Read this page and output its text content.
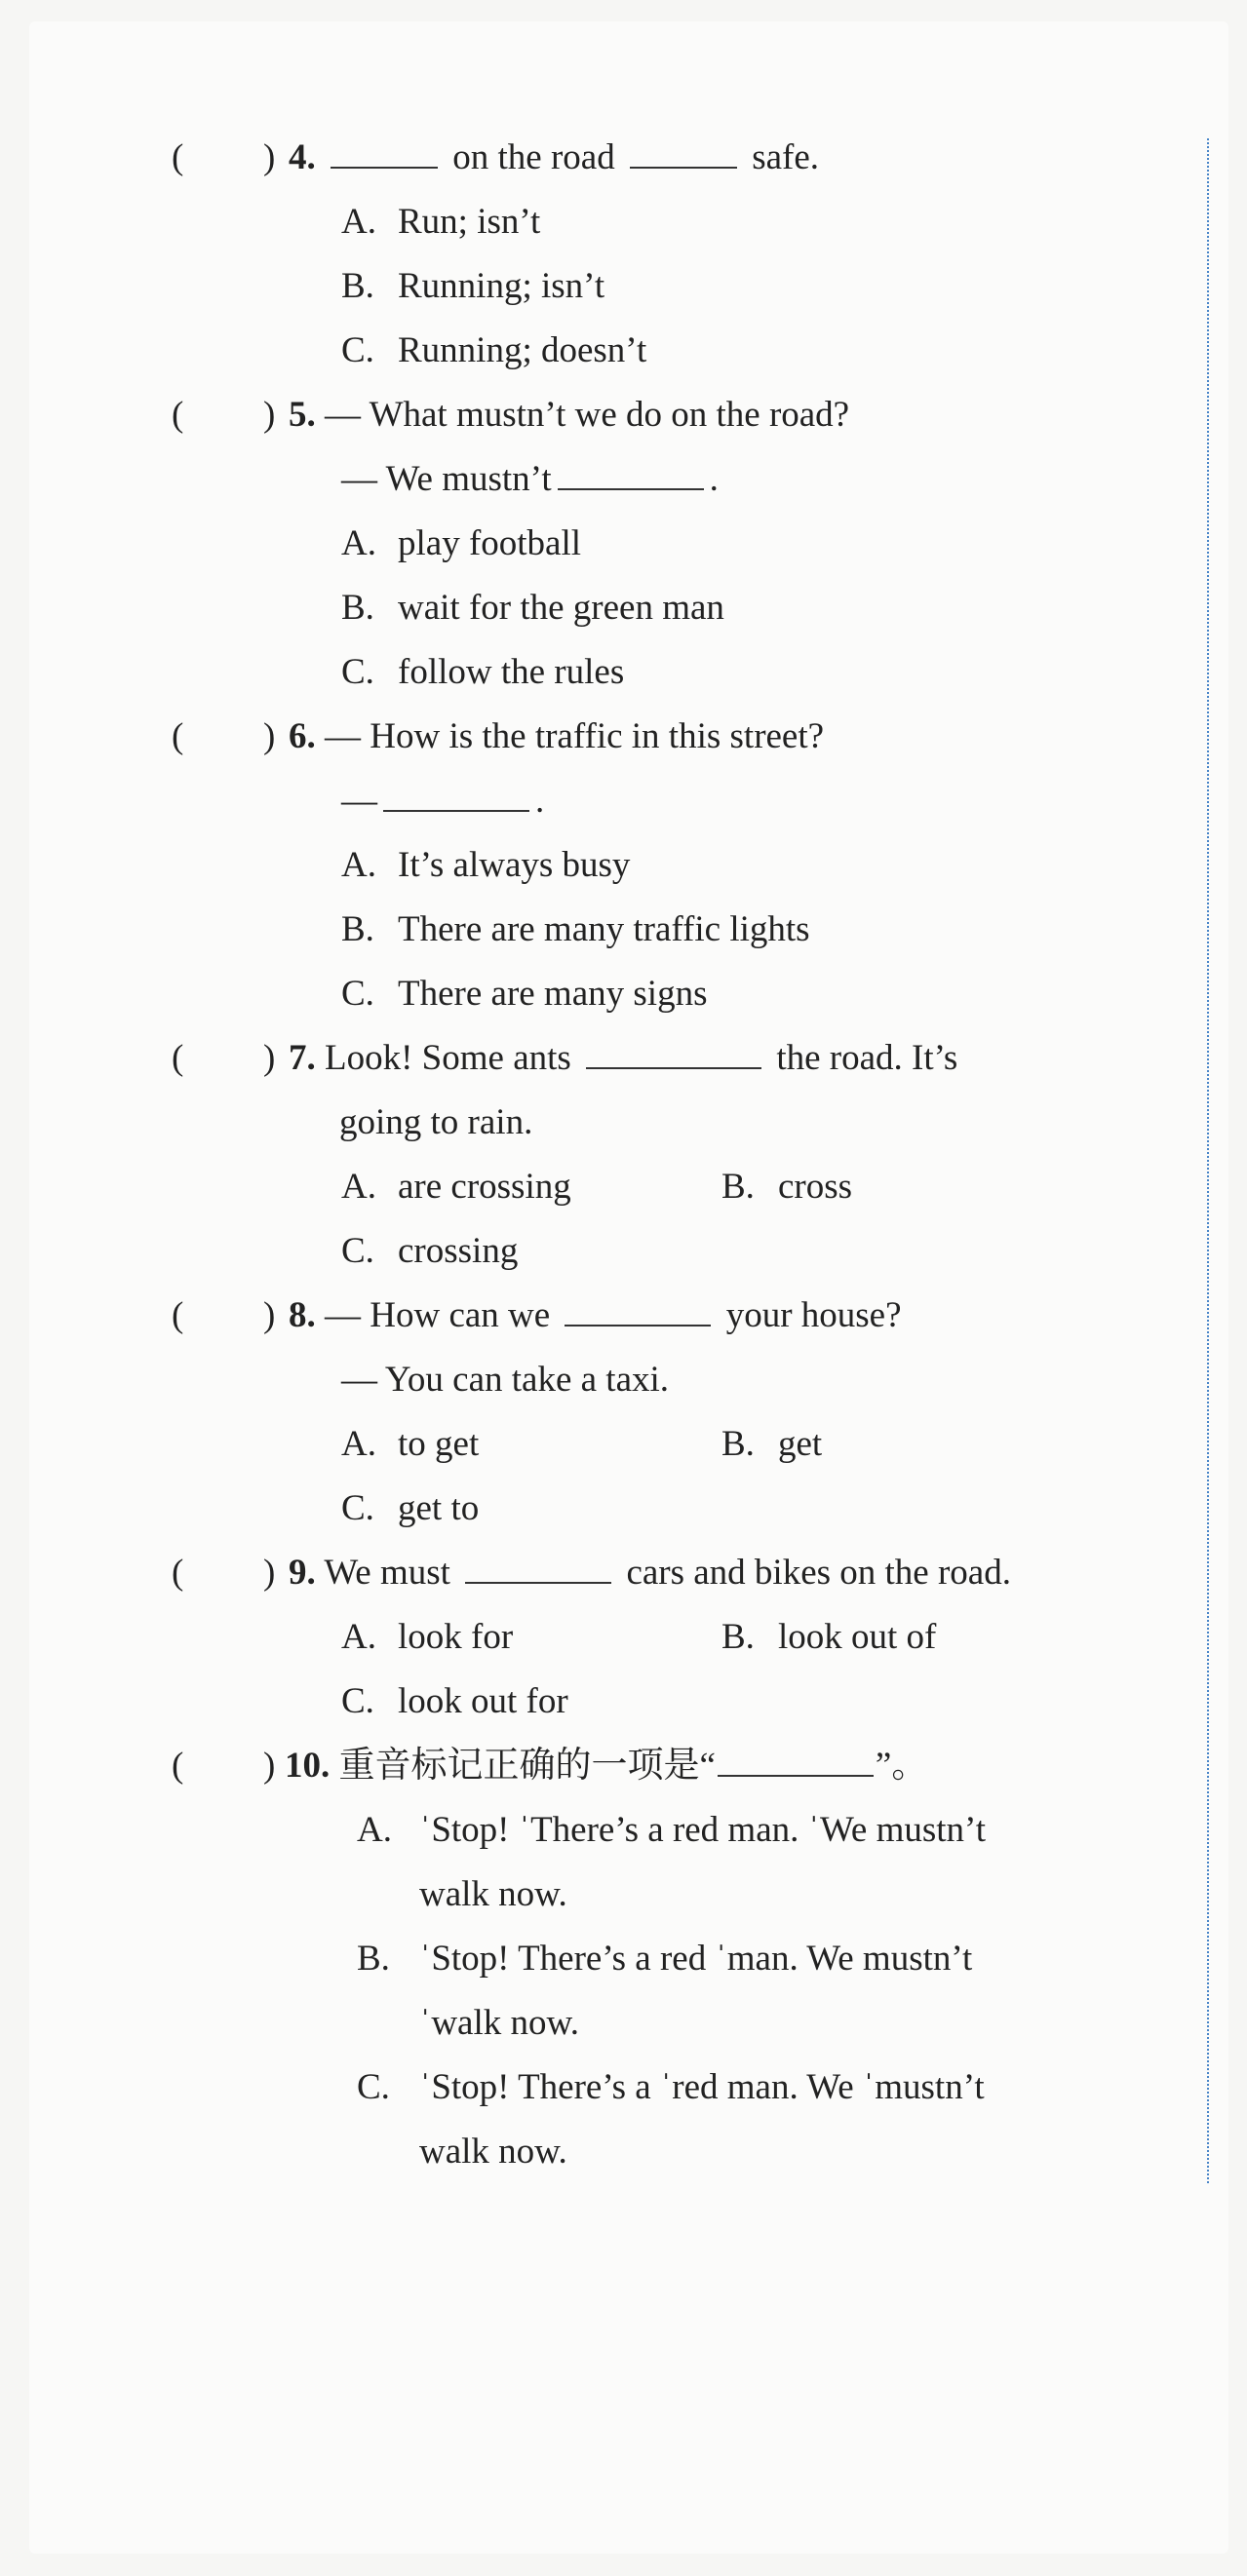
( ) 4.	on the road	safe.
A. Run; isn’t
B. Running; isn’t
C. Running; doesn’t
( ) 5. — What mustn’t we do on the road?
— We mustn’t	.
A. play football
B. wait for the green man
C. follow the rules
( ) 6. — How is the traffic in this street?
—	.
A. It’s always busy
B. There are many traffic lights
C. There are many signs
( ) 7. Look! Some ants	the road. It’s
going to rain.
A. are crossing	B. cross
C. crossing
( ) 8. — How can we	your house?
— You can take a taxi.
A. to get	B. get
C. get to
( ) 9. We must	cars and bikes on the road.
A. look for	B. look out of
C. look out for
( ) 10. 重音标记正确的一项是“	”。
A. ˈStop! ˈThere’s a red man. ˈWe mustn’t
walk now.
B. ˈStop! There’s a red ˈman. We mustn’t
ˈwalk now.
C. ˈStop! There’s a ˈred man. We ˈmustn’t
walk now.
